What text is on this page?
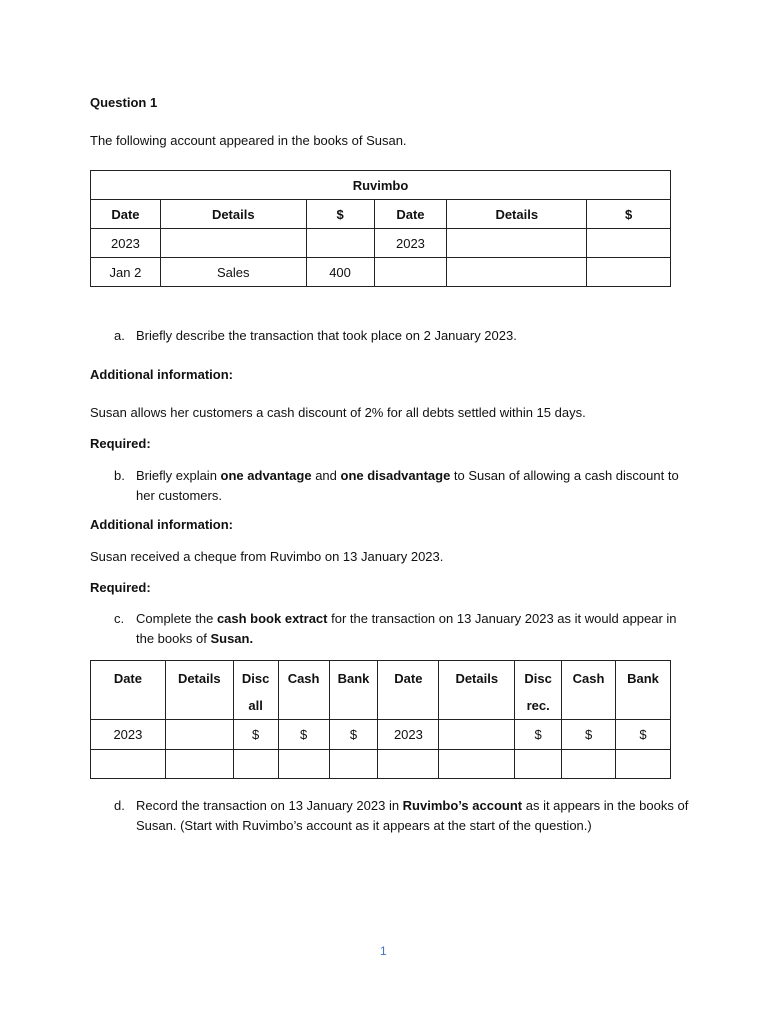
Question 1

The following account appeared in the books of Susan.

Ruvimbo					
Date	Details	$	Date	Details	$
2023			2023		
Jan 2	Sales	400			
a. Briefly describe the transaction that took place on 2 January 2023.

Additional information:

Susan allows her customers a cash discount of 2% for all debts settled within 15 days.

Required:

b. Briefly explain one advantage and one disadvantage to Susan of allowing a cash discount to her customers.

Additional information:

Susan received a cheque from Ruvimbo on 13 January 2023.

Required:

c. Complete the cash book extract for the transaction on 13 January 2023 as it would appear in the books of Susan.

Date	Details	Disc all	Cash	Bank	Date	Details	Disc rec.	Cash	Bank
2023		$	$	$	2023		$	$	$

d. Record the transaction on 13 January 2023 in Ruvimbo’s account as it appears in the books of Susan. (Start with Ruvimbo’s account as it appears at the start of the question.)

1
